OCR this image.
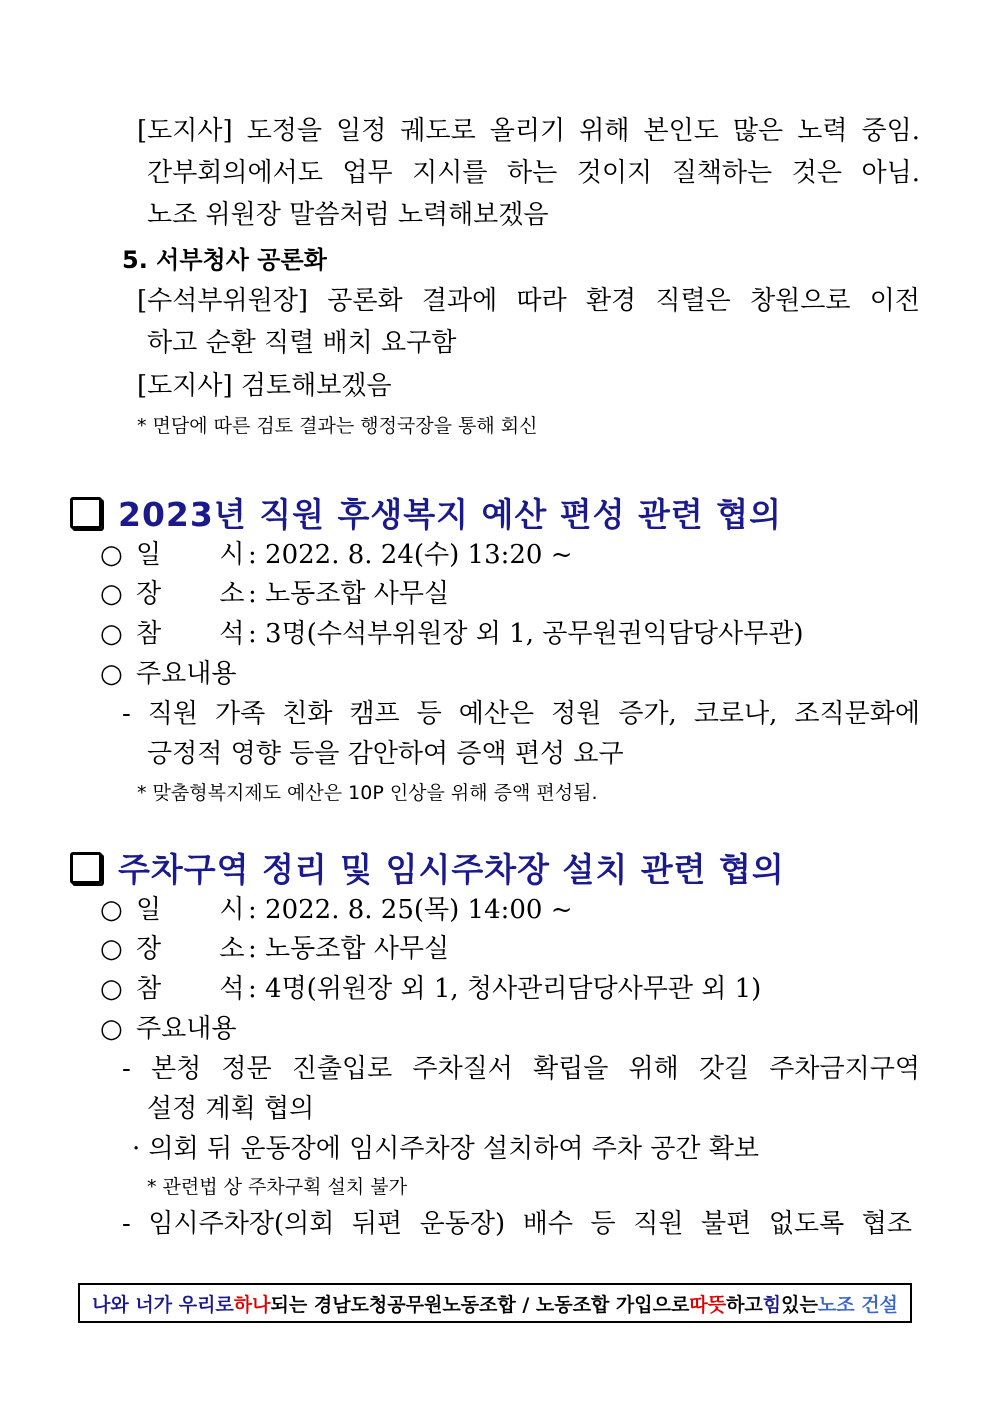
[도지사] 도정을 일정 궤도로 올리기 위해 본인도 많은 노력 중임.
간부회의에서도 업무 지시를 하는 것이지 질책하는 것은 아님.
노조 위원장 말씀처럼 노력해보겠음
5. 서부청사 공론화
[수석부위원장] 공론화 결과에 따라 환경 직렬은 창원으로 이전
하고 순환 직렬 배치 요구함
[도지사] 검토해보겠음
* 면담에 따른 검토 결과는 행정국장을 통해 회신
2023년 직원 후생복지 예산 편성 관련 협의
○ 일 시 : 2022. 8. 24(수) 13:20 ~
○ 장 소 : 노동조합 사무실
○ 참 석 : 3명(수석부위원장 외 1, 공무원권익담당사무관)
○ 주요내용
- 직원 가족 친화 캠프 등 예산은 정원 증가, 코로나, 조직문화에
긍정적 영향 등을 감안하여 증액 편성 요구
* 맞춤형복지제도 예산은 10P 인상을 위해 증액 편성됨.
주차구역 정리 및 임시주차장 설치 관련 협의
○ 일 시 : 2022. 8. 25(목) 14:00 ~
○ 장 소 : 노동조합 사무실
○ 참 석 : 4명(위원장 외 1, 청사관리담당사무관 외 1)
○ 주요내용
- 본청 정문 진출입로 주차질서 확립을 위해 갓길 주차금지구역
설정 계획 협의
· 의회 뒤 운동장에 임시주차장 설치하여 주차 공간 확보
* 관련법 상 주차구획 설치 불가
- 임시주차장(의회 뒤편 운동장) 배수 등 직원 불편 없도록 협조
나와 너가 우리로 하나 되는 경남도청공무원노동조합 / 노동조합 가입으로 따뜻 하고 힘 있는 노조 건설
